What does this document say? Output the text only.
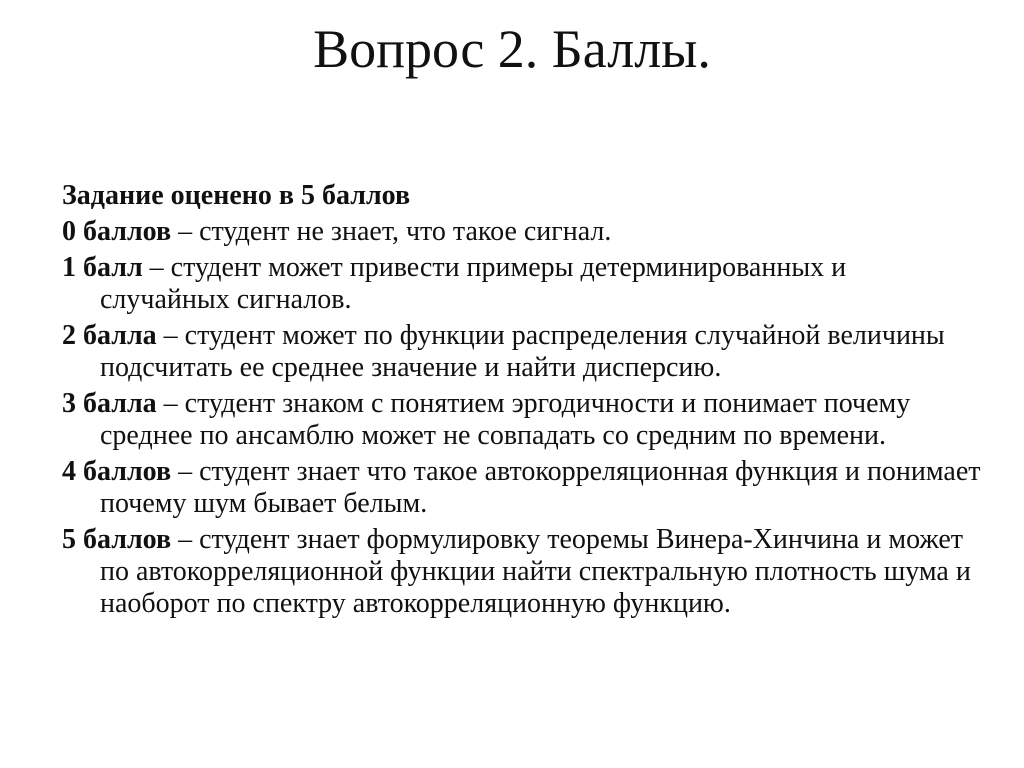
Вопрос 2. Баллы.
Задание оценено в 5 баллов
0 баллов – студент не знает, что такое сигнал.
1 балл – студент может привести примеры детерминированных и случайных сигналов.
2 балла – студент может по функции распределения случайной величины подсчитать ее среднее значение и найти дисперсию.
3 балла – студент знаком с понятием эргодичности и понимает почему среднее по ансамблю может не совпадать со средним по времени.
4 баллов – студент знает что такое автокорреляционная функция и понимает почему шум бывает белым.
5 баллов – студент знает формулировку теоремы Винера-Хинчина и может по автокорреляционной функции найти спектральную плотность шума и наоборот по спектру автокорреляционную функцию.
